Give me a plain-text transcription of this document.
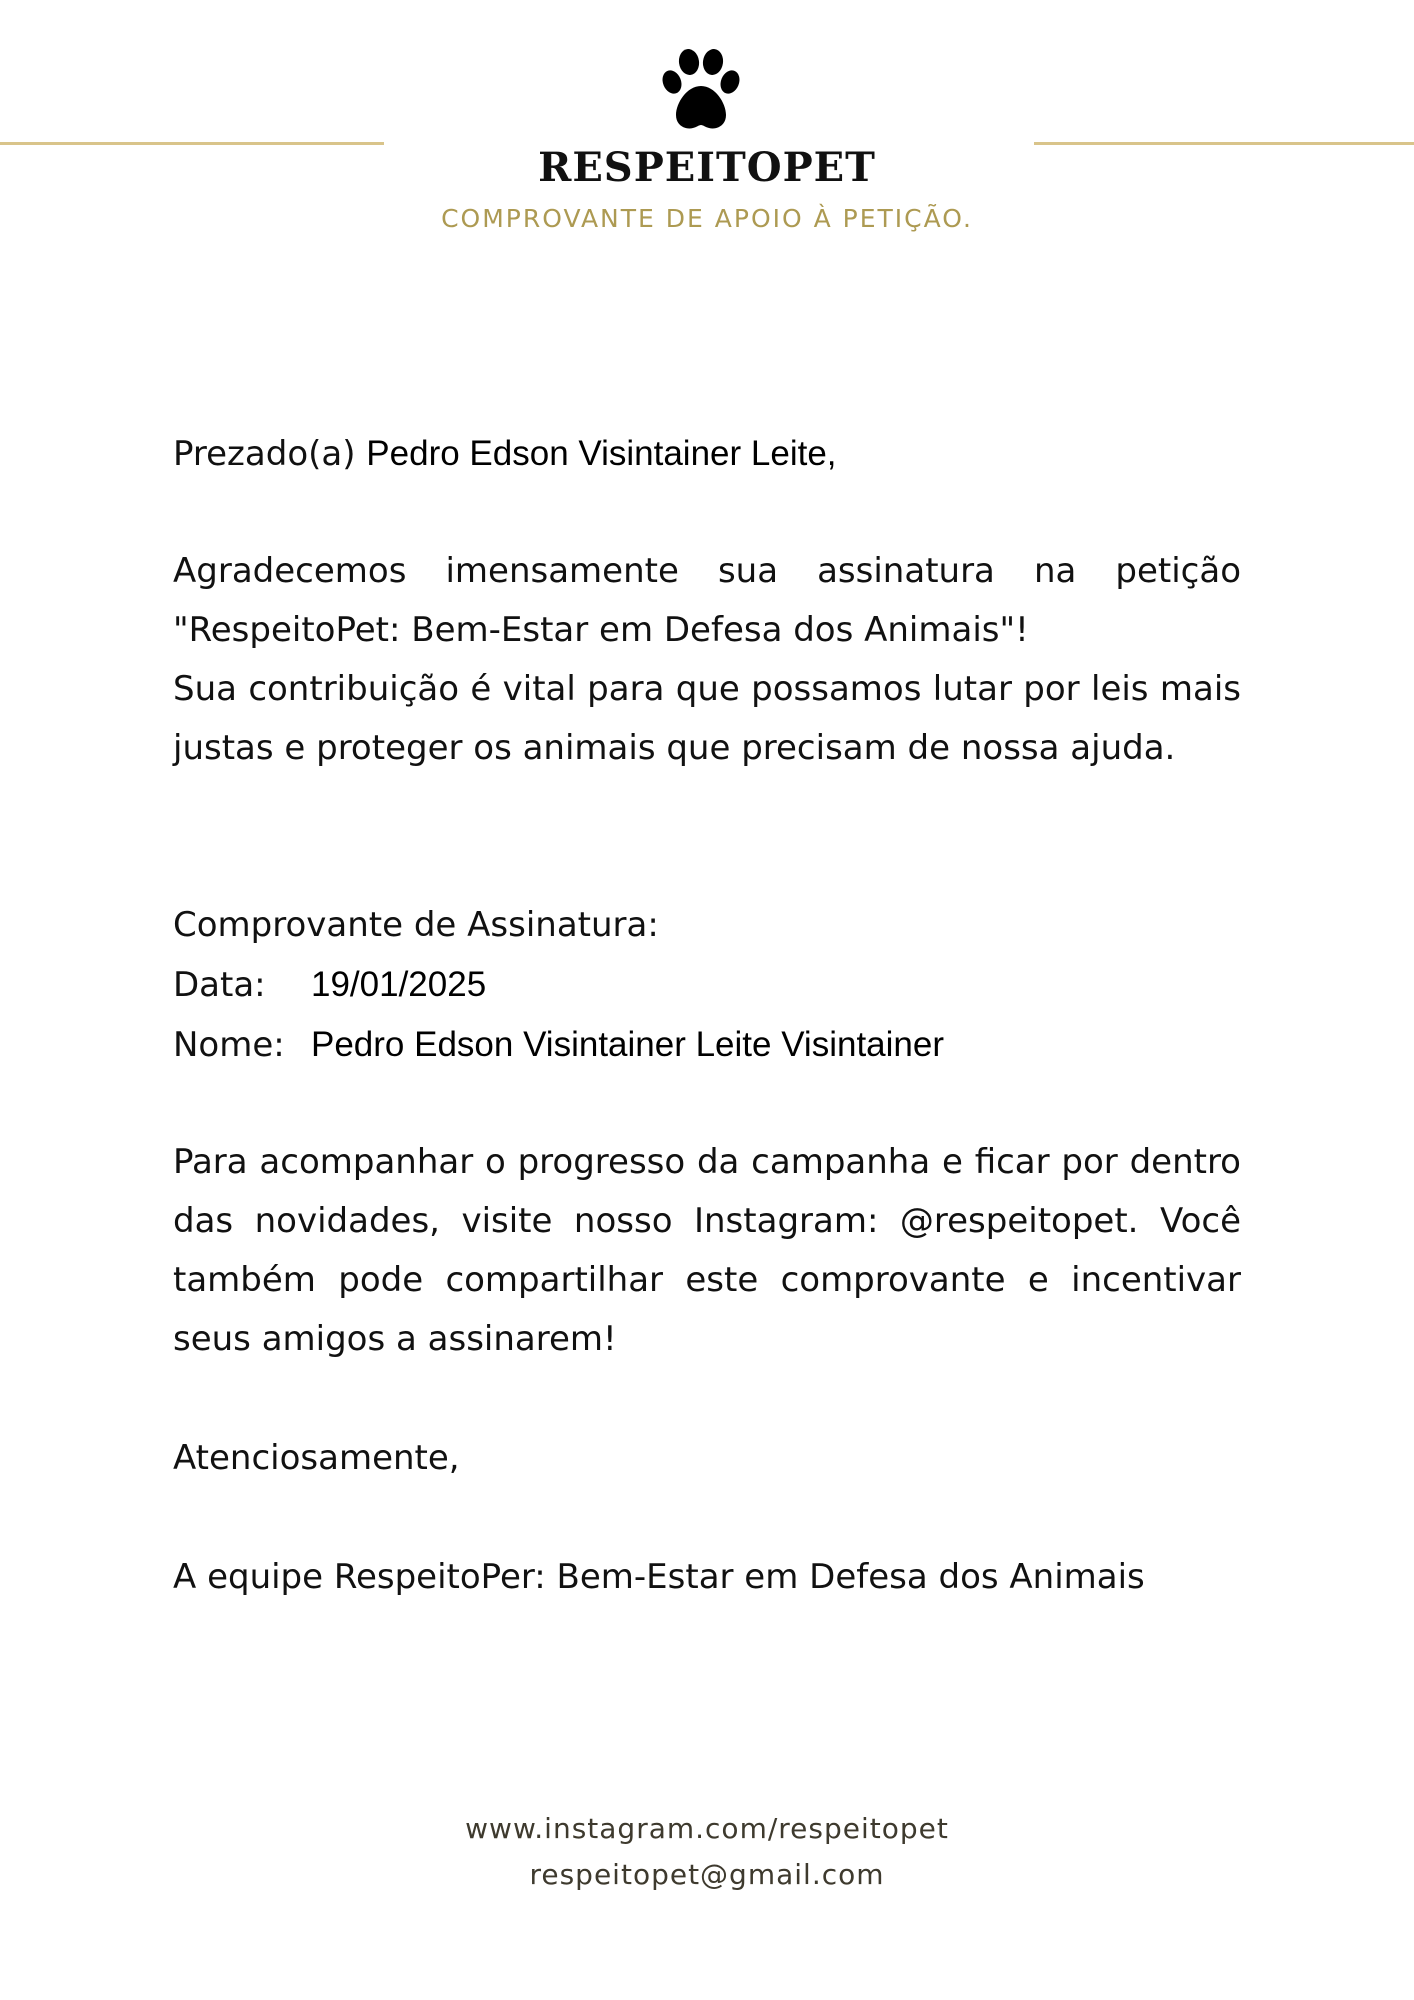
RESPEITOPET
COMPROVANTE DE APOIO À PETIÇÃO.
Prezado(a) Pedro Edson Visintainer Leite,
Agradecemos imensamente sua assinatura na petição "RespeitoPet: Bem-Estar em Defesa dos Animais"!
Sua contribuição é vital para que possamos lutar por leis mais justas e proteger os animais que precisam de nossa ajuda.
Comprovante de Assinatura:
Data: 19/01/2025
Nome: Pedro Edson Visintainer Leite Visintainer
Para acompanhar o progresso da campanha e ficar por dentro das novidades, visite nosso Instagram: @respeitopet. Você também pode compartilhar este comprovante e incentivar seus amigos a assinarem!
Atenciosamente,
A equipe RespeitoPer: Bem-Estar em Defesa dos Animais
www.instagram.com/respeitopet
respeitopet@gmail.com
